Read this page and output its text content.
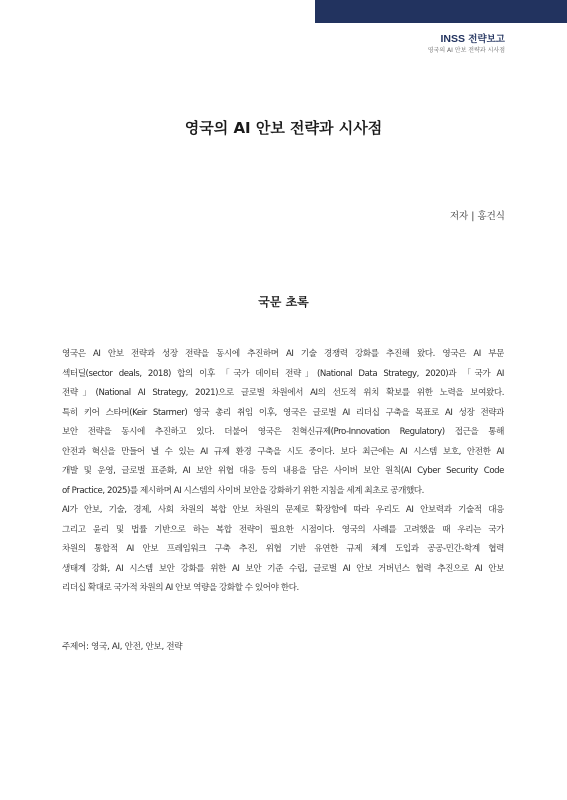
INSS 전략보고
영국의 AI 안보 전략과 시사점
영국의 AI 안보 전략과 시사점
저자 | 홍건식
국문 초록
영국은 AI 안보 전략과 성장 전략을 동시에 추진하며 AI 기술 경쟁력 강화를 추진해 왔다. 영국은 AI 부문
섹터딜(sector deals, 2018) 합의 이후 「국가 데이터 전략」(National Data Strategy, 2020)과 「국가 AI
전략」(National AI Strategy, 2021)으로 글로벌 차원에서 AI의 선도적 위치 확보를 위한 노력을 보여왔다.
특히 키어 스타머(Keir Starmer) 영국 총리 취임 이후, 영국은 글로벌 AI 리더십 구축을 목표로 AI 성장 전략과
보안 전략을 동시에 추진하고 있다. 더불어 영국은 친혁신규제(Pro-Innovation Regulatory) 접근을 통해
안전과 혁신을 만들어 낼 수 있는 AI 규제 환경 구축을 시도 중이다. 보다 최근에는 AI 시스템 보호, 안전한 AI
개발 및 운영, 글로벌 표준화, AI 보안 위협 대응 등의 내용을 담은 사이버 보안 원칙(AI Cyber Security Code
of Practice, 2025)를 제시하며 AI 시스템의 사이버 보안을 강화하기 위한 지침을 세계 최초로 공개했다.
AI가 안보, 기술, 경제, 사회 차원의 복합 안보 차원의 문제로 확장함에 따라 우리도 AI 안보력과 기술적 대응
그리고 윤리 및 법률 기반으로 하는 복합 전략이 필요한 시점이다. 영국의 사례를 고려했을 때 우리는 국가
차원의 통합적 AI 안보 프레임워크 구축 추진, 위협 기반 유연한 규제 체계 도입과 공공-민간-학계 협력
생태계 강화, AI 시스템 보안 강화를 위한 AI 보안 기준 수립, 글로벌 AI 안보 거버넌스 협력 추진으로 AI 안보
리더십 확대로 국가적 차원의 AI 안보 역량을 강화할 수 있어야 한다.
주제어: 영국, AI, 안전, 안보, 전략
